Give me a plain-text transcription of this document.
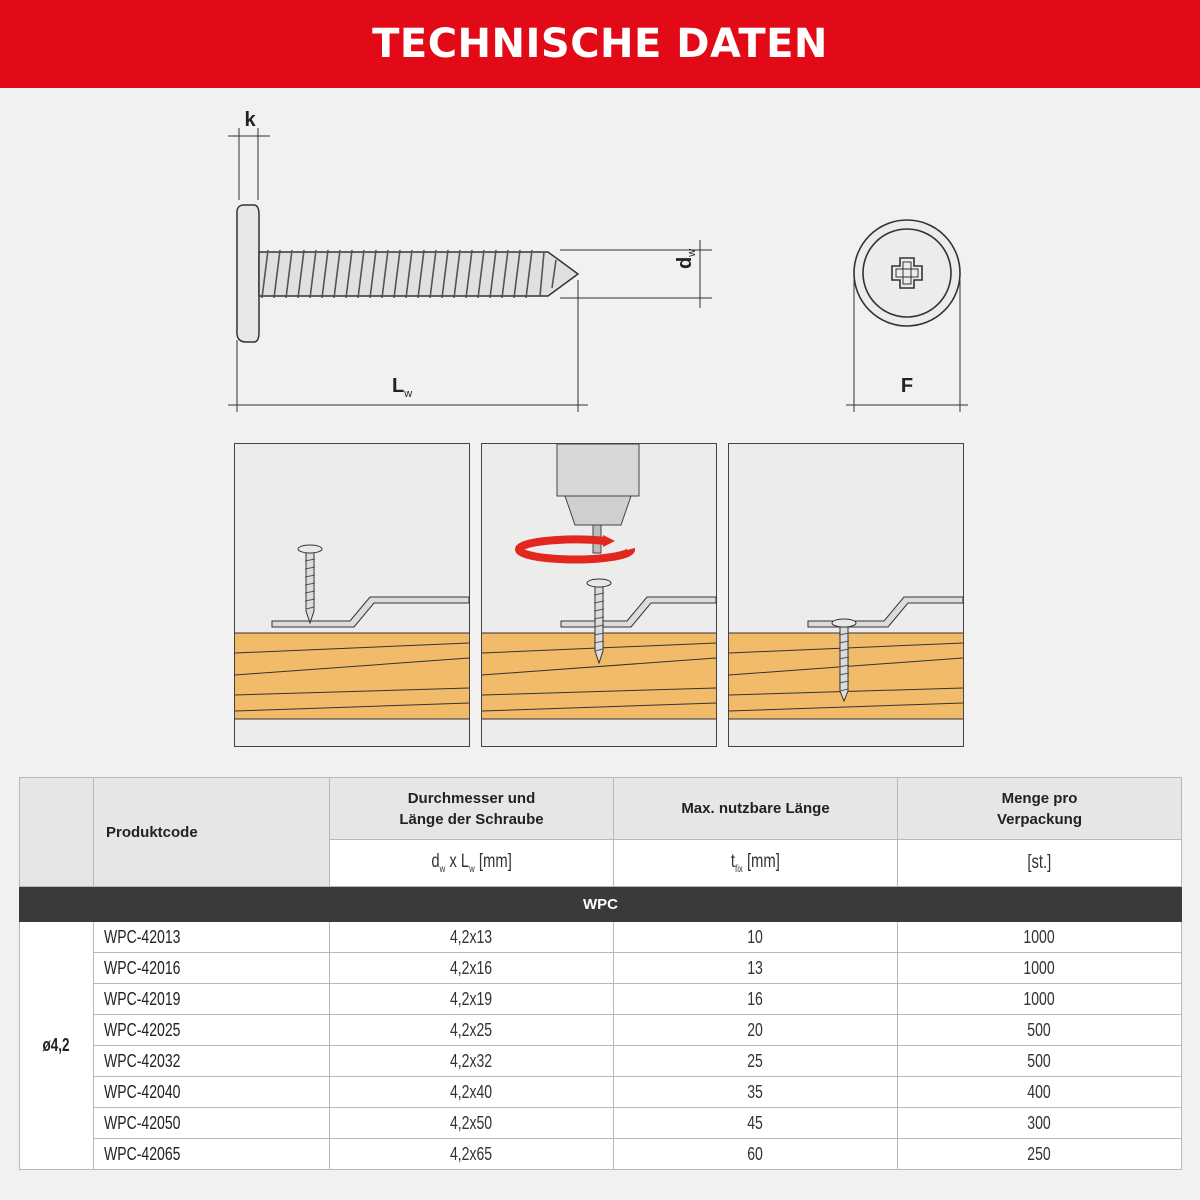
TECHNISCHE DATEN
k
$d_w$
$L_w$	F
	Produktcode	Durchmesser und
Länge der Schraube	Max. nutzbare Länge	Menge pro
Verpackung
		$d_w$ x $L_w$ [mm]	$t_{fix}$ [mm]	[st.]
WPC				
ø4,2	WPC-42013	4,2x13	10	1000
	WPC-42016	4,2x16	13	1000
	WPC-42019	4,2x19	16	1000
	WPC-42025	4,2x25	20	500
	WPC-42032	4,2x32	25	500
	WPC-42040	4,2x40	35	400
	WPC-42050	4,2x50	45	300
	WPC-42065	4,2x65	60	250
